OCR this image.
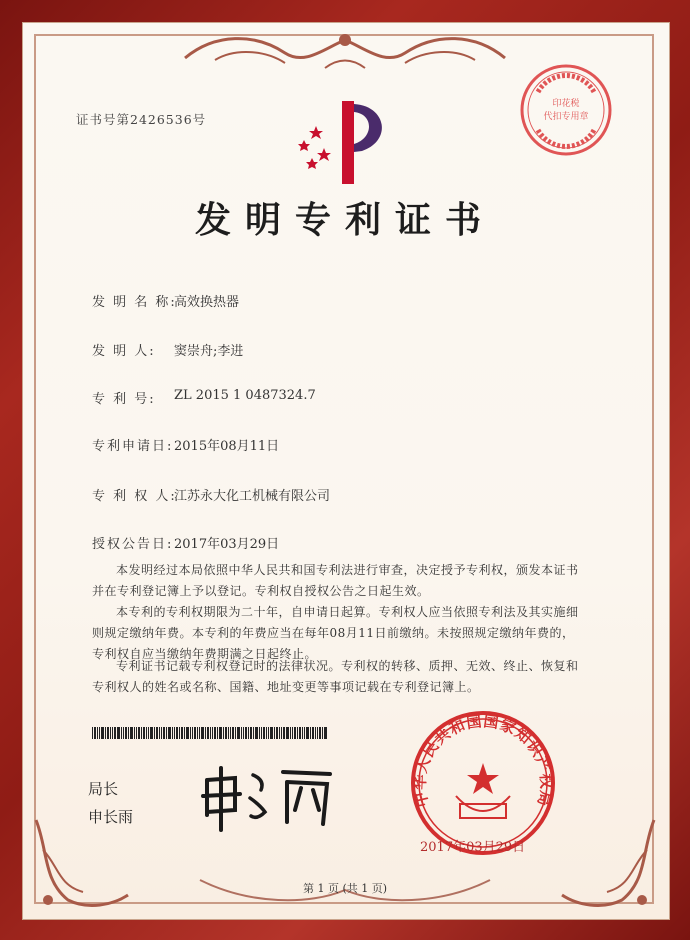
证书号第2426536号
印花税
代扣专用章
发明专利证书
发 明 名 称:
高效换热器
发 明 人: 窦崇舟;李进
专 利 号: ZL 2015 1 0487324.7
专利申请日: 2015年08月11日
专 利 权 人:
江苏永大化工机械有限公司
授权公告日: 2017年03月29日
本发明经过本局依照中华人民共和国专利法进行审查，决定授予专利权，颁发本证书并在专利登记簿上予以登记。专利权自授权公告之日起生效。
本专利的专利权期限为二十年，自申请日起算。专利权人应当依照专利法及其实施细则规定缴纳年费。本专利的年费应当在每年08月11日前缴纳。未按照规定缴纳年费的，专利权自应当缴纳年费期满之日起终止。
专利证书记载专利权登记时的法律状况。专利权的转移、质押、无效、终止、恢复和专利权人的姓名或名称、国籍、地址变更等事项记载在专利登记簿上。
局长
申长雨
中华人民共和国国家知识产权局
2017年03月29日
第 1 页 (共 1 页)
